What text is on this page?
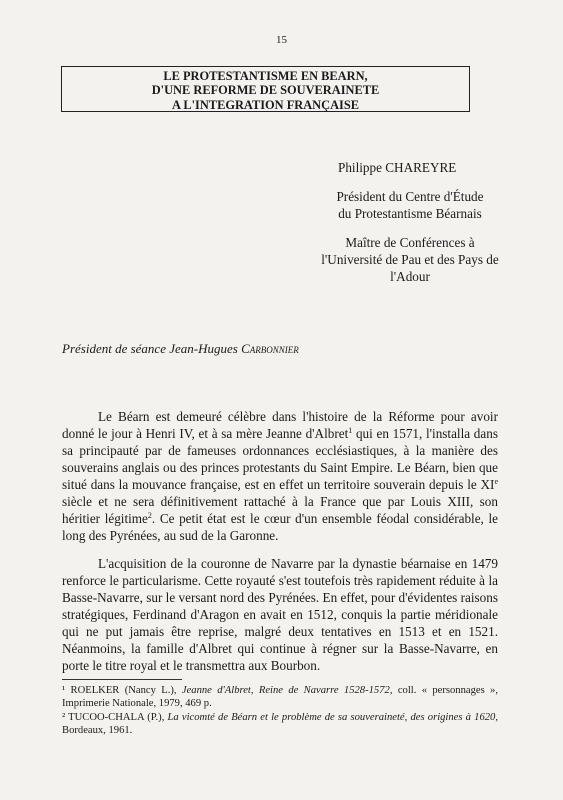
15
LE PROTESTANTISME EN BEARN,
D'UNE REFORME DE SOUVERAINETE
A L'INTEGRATION FRANÇAISE
Philippe CHAREYRE
Président du Centre d'Étude
du Protestantisme Béarnais
Maître de Conférences à
l'Université de Pau et des Pays de
l'Adour
Président de séance Jean-Hugues Carbonnier

Le Béarn est demeuré célèbre dans l'histoire de la Réforme pour avoir donné le jour à Henri IV, et à sa mère Jeanne d'Albret$^1$ qui en 1571, l'installa dans sa principauté par de fameuses ordonnances ecclésiastiques, à la manière des souverains anglais ou des princes protestants du Saint Empire. Le Béarn, bien que situé dans la mouvance française, est en effet un territoire souverain depuis le XIe siècle et ne sera définitivement rattaché à la France que par Louis XIII, son héritier légitime$^2$. Ce petit état est le cœur d'un ensemble féodal considérable, le long des Pyrénées, au sud de la Garonne.

L'acquisition de la couronne de Navarre par la dynastie béarnaise en 1479 renforce le particularisme. Cette royauté s'est toutefois très rapidement réduite à la Basse-Navarre, sur le versant nord des Pyrénées. En effet, pour d'évidentes raisons stratégiques, Ferdinand d'Aragon en avait en 1512, conquis la partie méridionale qui ne put jamais être reprise, malgré deux tentatives en 1513 et en 1521. Néanmoins, la famille d'Albret qui continue à régner sur la Basse-Navarre, en porte le titre royal et le transmettra aux Bourbon.

¹ ROELKER (Nancy L.), Jeanne d'Albret, Reine de Navarre 1528-1572, coll. « personnages », Imprimerie Nationale, 1979, 469 p.
² TUCOO-CHALA (P.), La vicomté de Béarn et le problème de sa souveraineté, des origines à 1620, Bordeaux, 1961.
